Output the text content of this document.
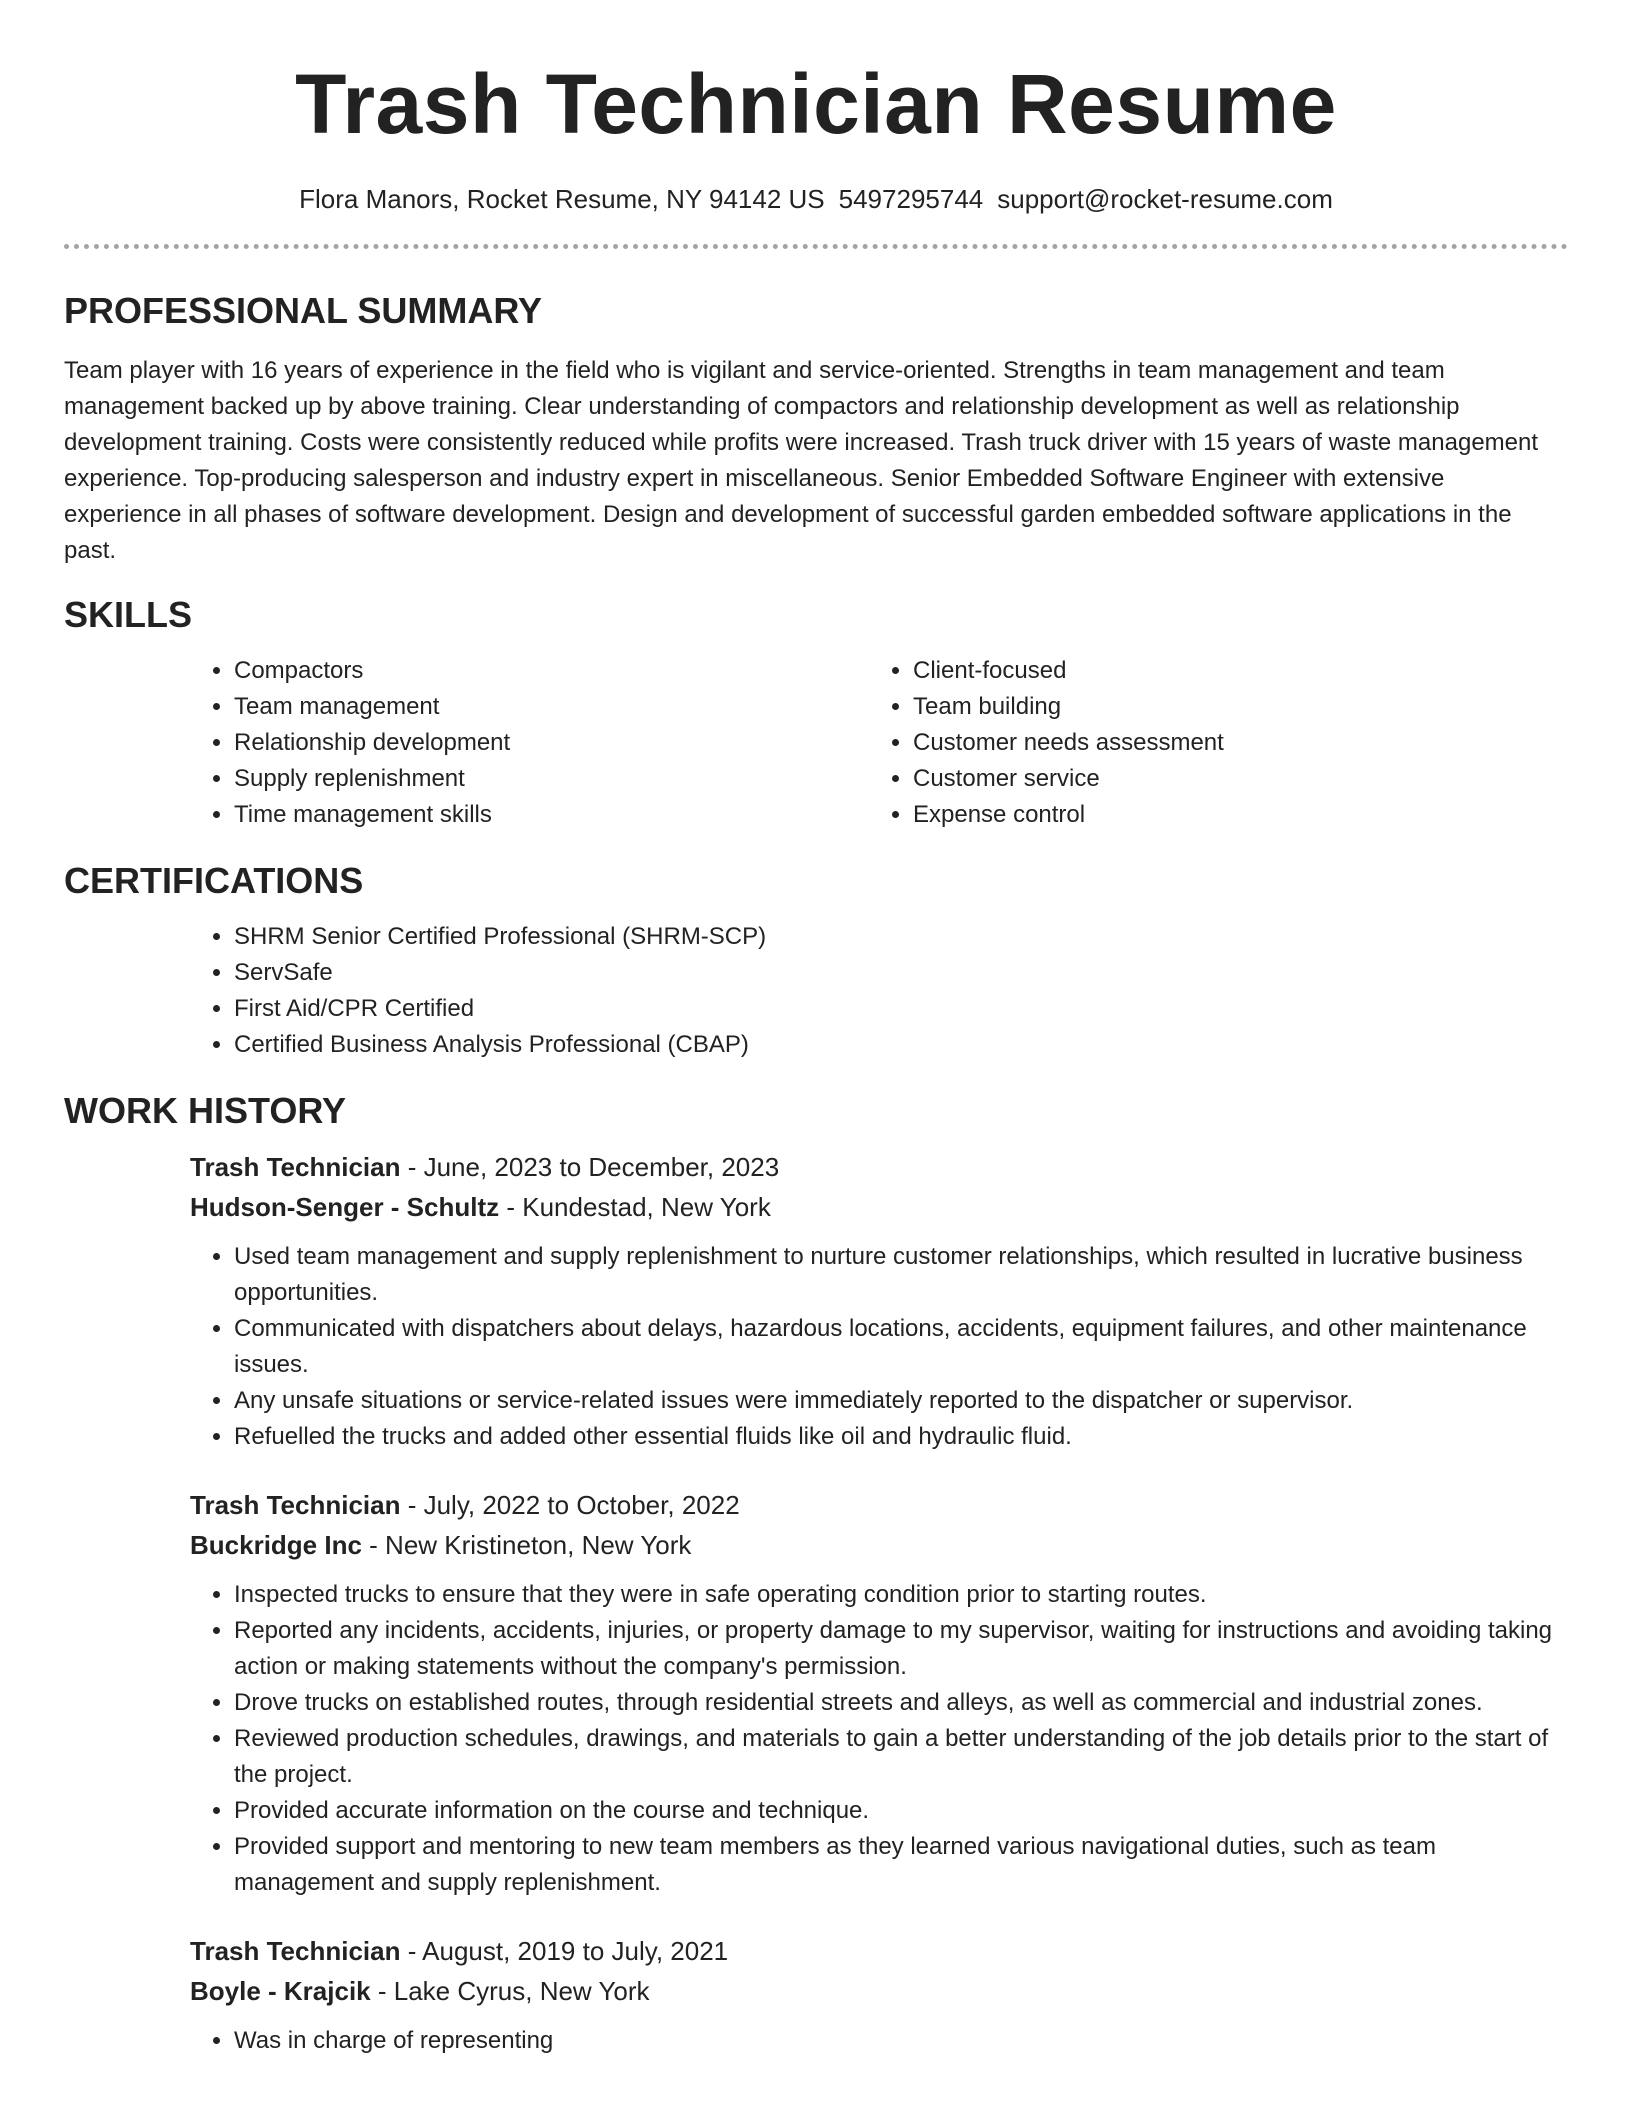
Trash Technician Resume
Flora Manors, Rocket Resume, NY 94142 US 5497295744 support@rocket-resume.com
PROFESSIONAL SUMMARY

Team player with 16 years of experience in the field who is vigilant and service-oriented. Strengths in team management and team management backed up by above training. Clear understanding of compactors and relationship development as well as relationship development training. Costs were consistently reduced while profits were increased. Trash truck driver with 15 years of waste management experience. Top-producing salesperson and industry expert in miscellaneous. Senior Embedded Software Engineer with extensive experience in all phases of software development. Design and development of successful garden embedded software applications in the past.

SKILLS
• Compactors
• Team management
• Relationship development
• Supply replenishment
• Time management skills
• Client-focused
• Team building
• Customer needs assessment
• Customer service
• Expense control
CERTIFICATIONS
• SHRM Senior Certified Professional (SHRM-SCP)
• ServSafe
• First Aid/CPR Certified
• Certified Business Analysis Professional (CBAP)
WORK HISTORY

Trash Technician - June, 2023 to December, 2023

Hudson-Senger - Schultz - Kundestad, New York

• Used team management and supply replenishment to nurture customer relationships, which resulted in lucrative business opportunities.
• Communicated with dispatchers about delays, hazardous locations, accidents, equipment failures, and other maintenance issues.
• Any unsafe situations or service-related issues were immediately reported to the dispatcher or supervisor.
• Refuelled the trucks and added other essential fluids like oil and hydraulic fluid.

Trash Technician - July, 2022 to October, 2022

Buckridge Inc - New Kristineton, New York

• Inspected trucks to ensure that they were in safe operating condition prior to starting routes.
• Reported any incidents, accidents, injuries, or property damage to my supervisor, waiting for instructions and avoiding taking action or making statements without the company's permission.
• Drove trucks on established routes, through residential streets and alleys, as well as commercial and industrial zones.
• Reviewed production schedules, drawings, and materials to gain a better understanding of the job details prior to the start of the project.
• Provided accurate information on the course and technique.
• Provided support and mentoring to new team members as they learned various navigational duties, such as team management and supply replenishment.

Trash Technician - August, 2019 to July, 2021

Boyle - Krajcik - Lake Cyrus, New York

• Was in charge of representing
